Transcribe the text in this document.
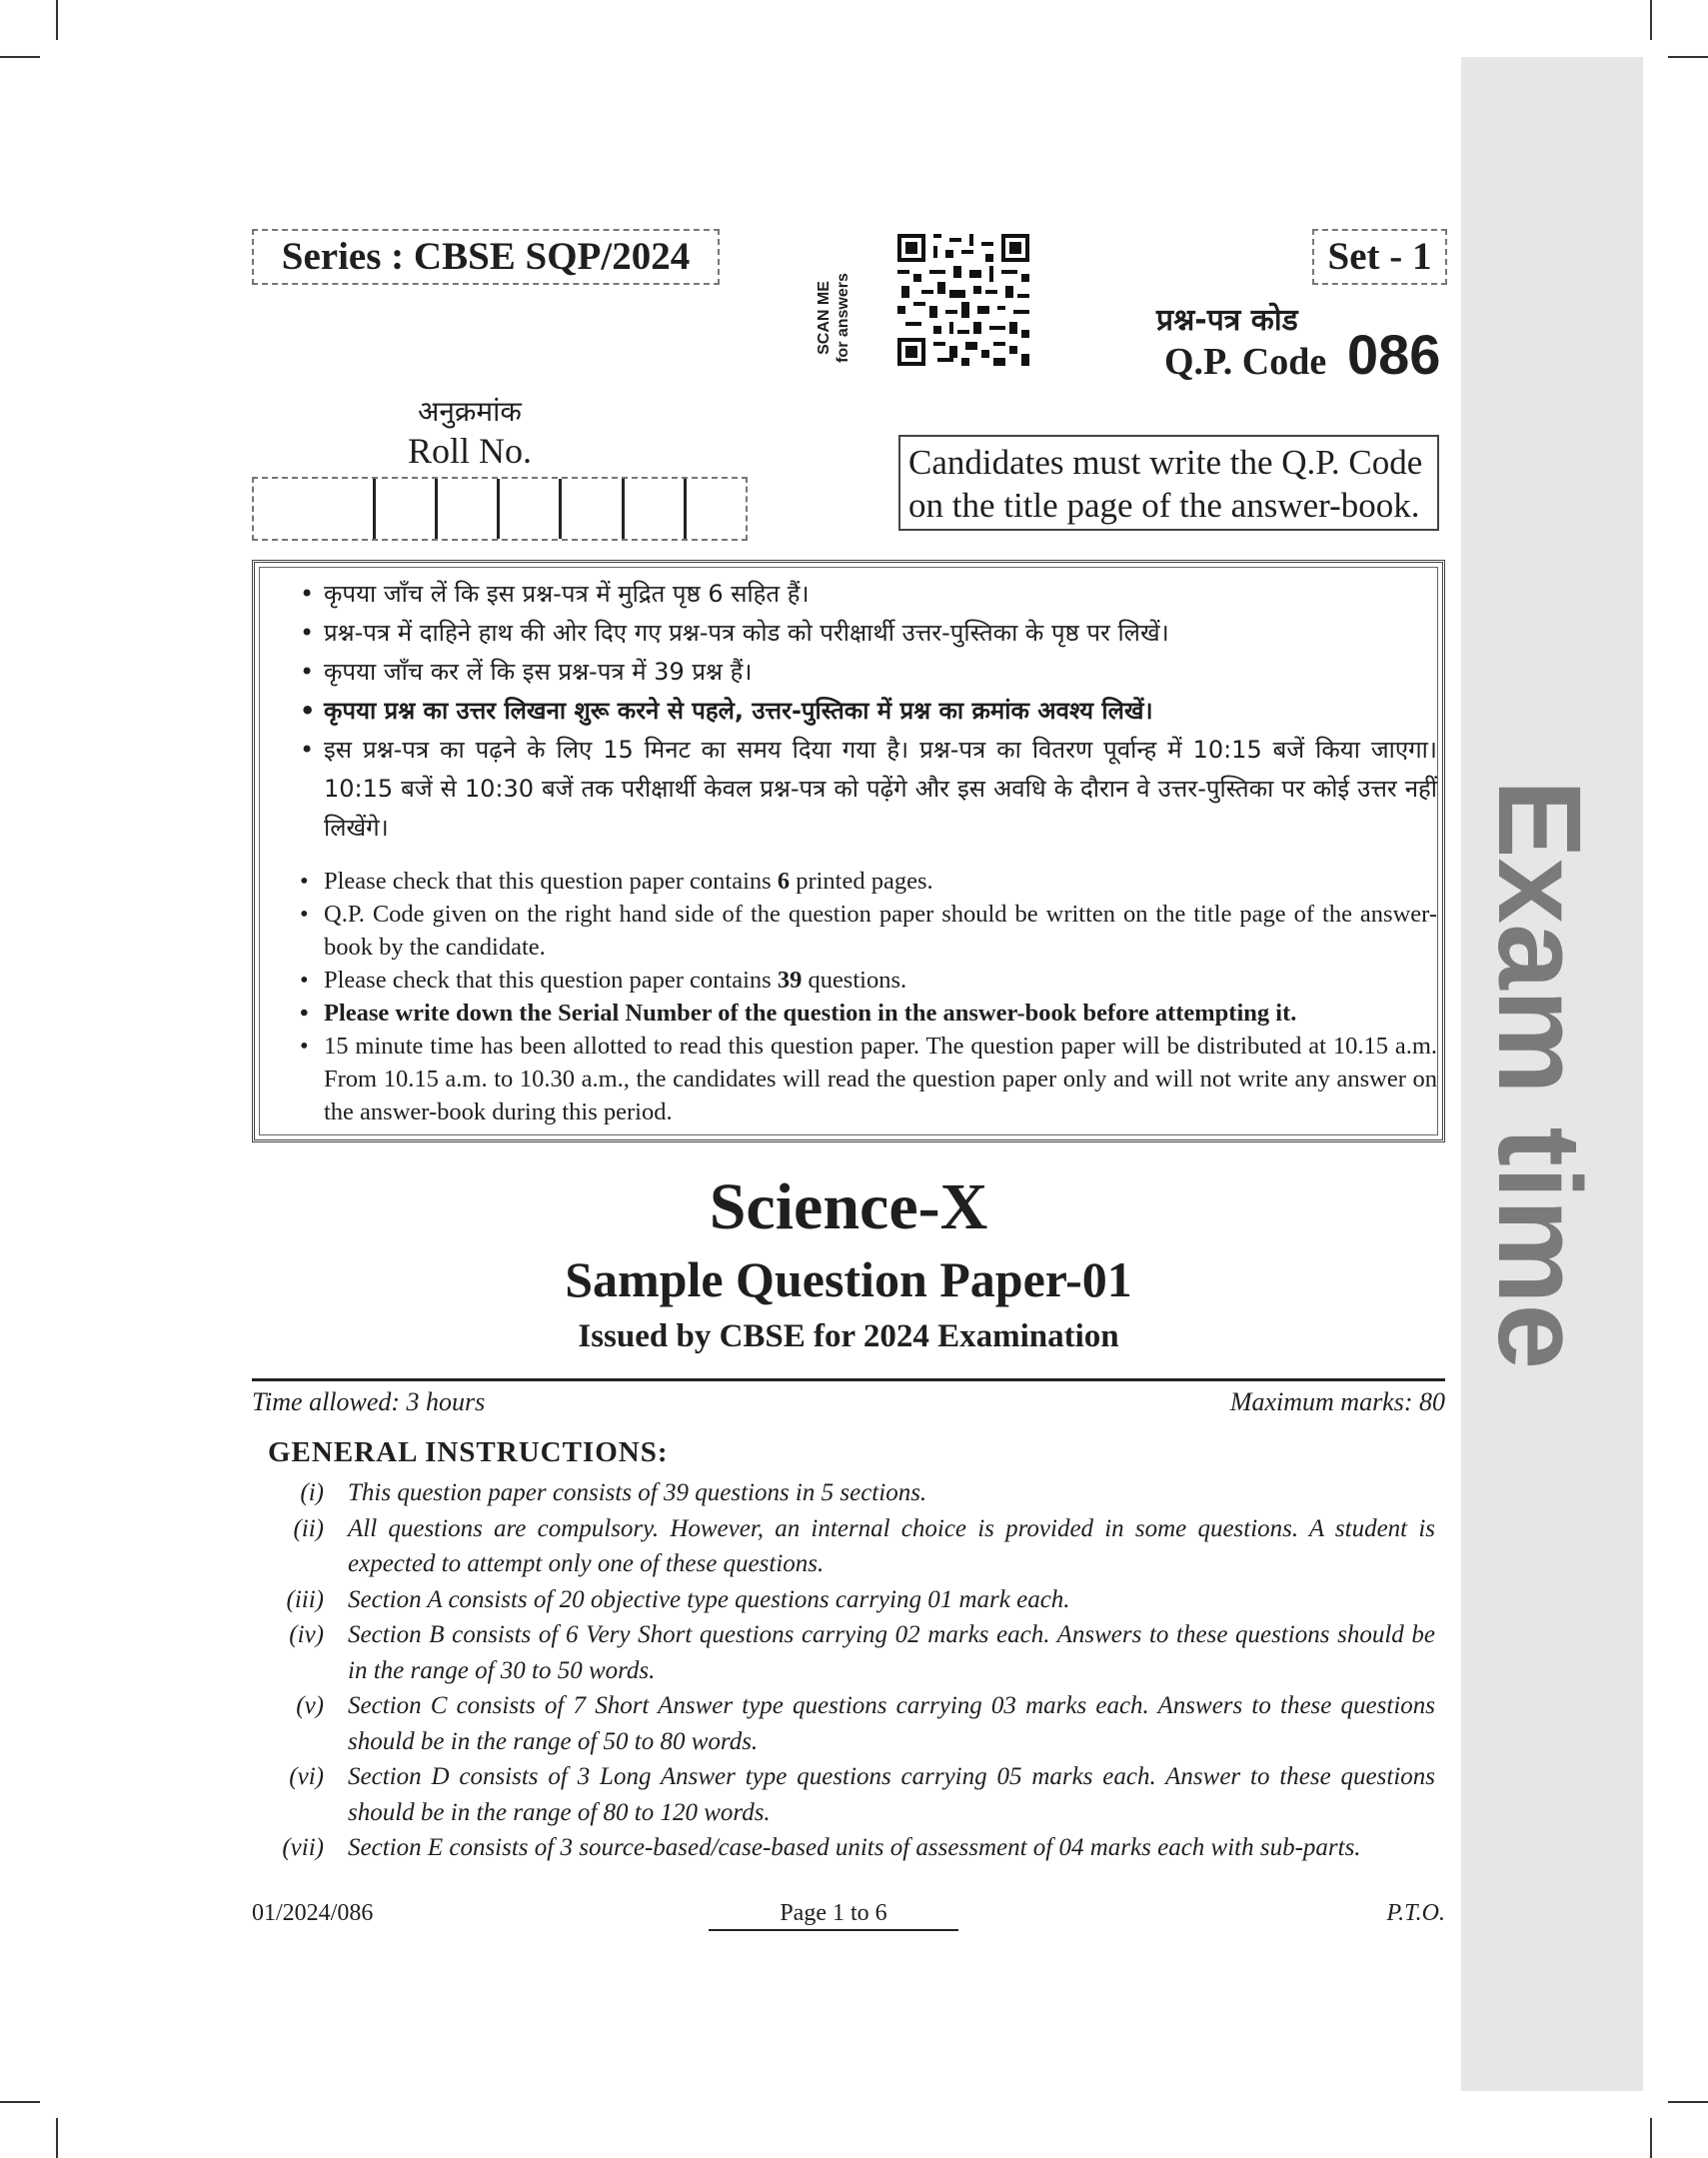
Exam time
Series : CBSE SQP/2024
SCAN ME for answers
Set - 1
प्रश्न-पत्र कोड
Q.P. Code 086
अनुक्रमांक
Roll No.	Candidates must write the Q.P. Code on the title page of the answer-book.
• कृपया जाँच लें कि इस प्रश्न-पत्र में मुद्रित पृष्ठ 6 सहित हैं।
• प्रश्न-पत्र में दाहिने हाथ की ओर दिए गए प्रश्न-पत्र कोड को परीक्षार्थी उत्तर-पुस्तिका के पृष्ठ पर लिखें।
• कृपया जाँच कर लें कि इस प्रश्न-पत्र में 39 प्रश्न हैं।
• कृपया प्रश्न का उत्तर लिखना शुरू करने से पहले, उत्तर-पुस्तिका में प्रश्न का क्रमांक अवश्य लिखें।
• इस प्रश्न-पत्र का पढ़ने के लिए 15 मिनट का समय दिया गया है। प्रश्न-पत्र का वितरण पूर्वान्ह में 10:15 बजें किया जाएगा। 10:15 बजें से 10:30 बजें तक परीक्षार्थी केवल प्रश्न-पत्र को पढ़ेंगे और इस अवधि के दौरान वे उत्तर-पुस्तिका पर कोई उत्तर नहीं लिखेंगे।
• Please check that this question paper contains 6 printed pages.
• Q.P. Code given on the right hand side of the question paper should be written on the title page of the answer-book by the candidate.
• Please check that this question paper contains 39 questions.
• Please write down the Serial Number of the question in the answer-book before attempting it.
• 15 minute time has been allotted to read this question paper. The question paper will be distributed at 10.15 a.m. From 10.15 a.m. to 10.30 a.m., the candidates will read the question paper only and will not write any answer on the answer-book during this period.
Science-X
Sample Question Paper-01
Issued by CBSE for 2024 Examination
Time allowed: 3 hours	Maximum marks: 80
GENERAL INSTRUCTIONS:
(i) This question paper consists of 39 questions in 5 sections.
(ii) All questions are compulsory. However, an internal choice is provided in some questions. A student is expected to attempt only one of these questions.
(iii) Section A consists of 20 objective type questions carrying 01 mark each.
(iv) Section B consists of 6 Very Short questions carrying 02 marks each. Answers to these questions should be in the range of 30 to 50 words.
(v) Section C consists of 7 Short Answer type questions carrying 03 marks each. Answers to these questions should be in the range of 50 to 80 words.
(vi) Section D consists of 3 Long Answer type questions carrying 05 marks each. Answer to these questions should be in the range of 80 to 120 words.
(vii) Section E consists of 3 source-based/case-based units of assessment of 04 marks each with sub-parts.
01/2024/086	Page 1 to 6	P.T.O.
